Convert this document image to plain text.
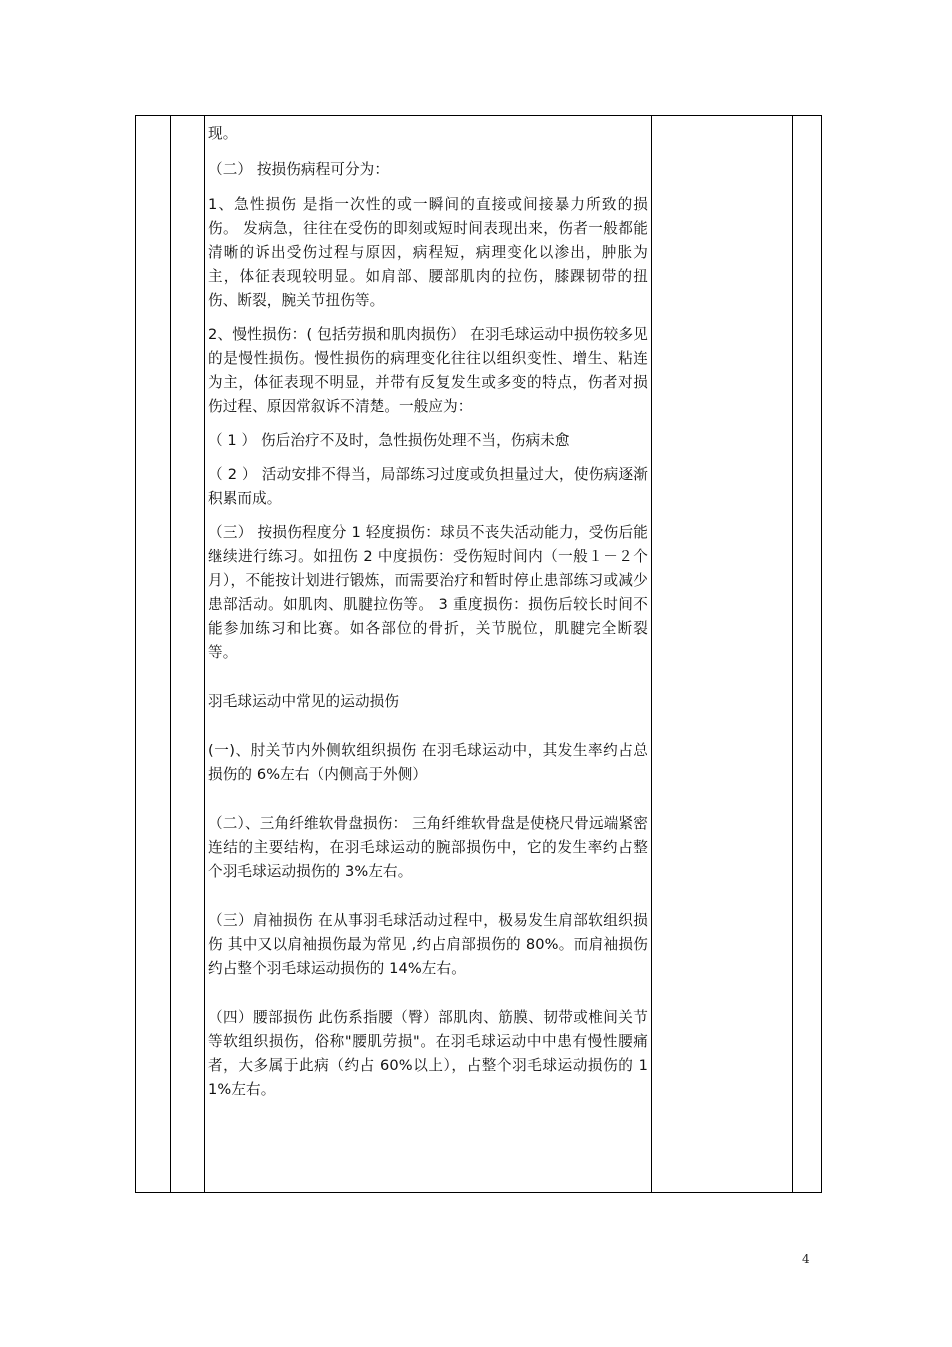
现。

（二） 按损伤病程可分为：

1、急性损伤 是指一次性的或一瞬间的直接或间接暴力所致的损伤。 发病急，往往在受伤的即刻或短时间表现出来，伤者一般都能清晰的诉出受伤过程与原因，病程短，病理变化以渗出，肿胀为主，体征表现较明显。如肩部、腰部肌肉的拉伤，膝踝韧带的扭伤、断裂，腕关节扭伤等。

2、慢性损伤：( 包括劳损和肌肉损伤） 在羽毛球运动中损伤较多见的是慢性损伤。慢性损伤的病理变化往往以组织变性、增生、粘连为主，体征表现不明显，并带有反复发生或多变的特点，伤者对损伤过程、原因常叙诉不清楚。一般应为：

（ 1 ） 伤后治疗不及时，急性损伤处理不当，伤病未愈

（ 2 ） 活动安排不得当，局部练习过度或负担量过大，使伤病逐渐积累而成。

（三） 按损伤程度分 1 轻度损伤：球员不丧失活动能力，受伤后能继续进行练习。如扭伤 2 中度损伤：受伤短时间内（一般１－２个月），不能按计划进行锻炼，而需要治疗和暂时停止患部练习或减少患部活动。如肌肉、肌腱拉伤等。 3 重度损伤：损伤后较长时间不能参加练习和比赛。如各部位的骨折，关节脱位，肌腱完全断裂等。

羽毛球运动中常见的运动损伤

(一)、肘关节内外侧软组织损伤 在羽毛球运动中，其发生率约占总损伤的 6%左右（内侧高于外侧）

（二）、三角纤维软骨盘损伤： 三角纤维软骨盘是使桡尺骨远端紧密连结的主要结构，在羽毛球运动的腕部损伤中，它的发生率约占整个羽毛球运动损伤的 3%左右。

（三）肩袖损伤 在从事羽毛球活动过程中，极易发生肩部软组织损伤 其中又以肩袖损伤最为常见 ,约占肩部损伤的 80%。而肩袖损伤约占整个羽毛球运动损伤的 14%左右。

（四）腰部损伤 此伤系指腰（臀）部肌肉、筋膜、韧带或椎间关节等软组织损伤，俗称"腰肌劳损"。在羽毛球运动中中患有慢性腰痛者，大多属于此病（约占 60%以上），占整个羽毛球运动损伤的 11%左右。

4
